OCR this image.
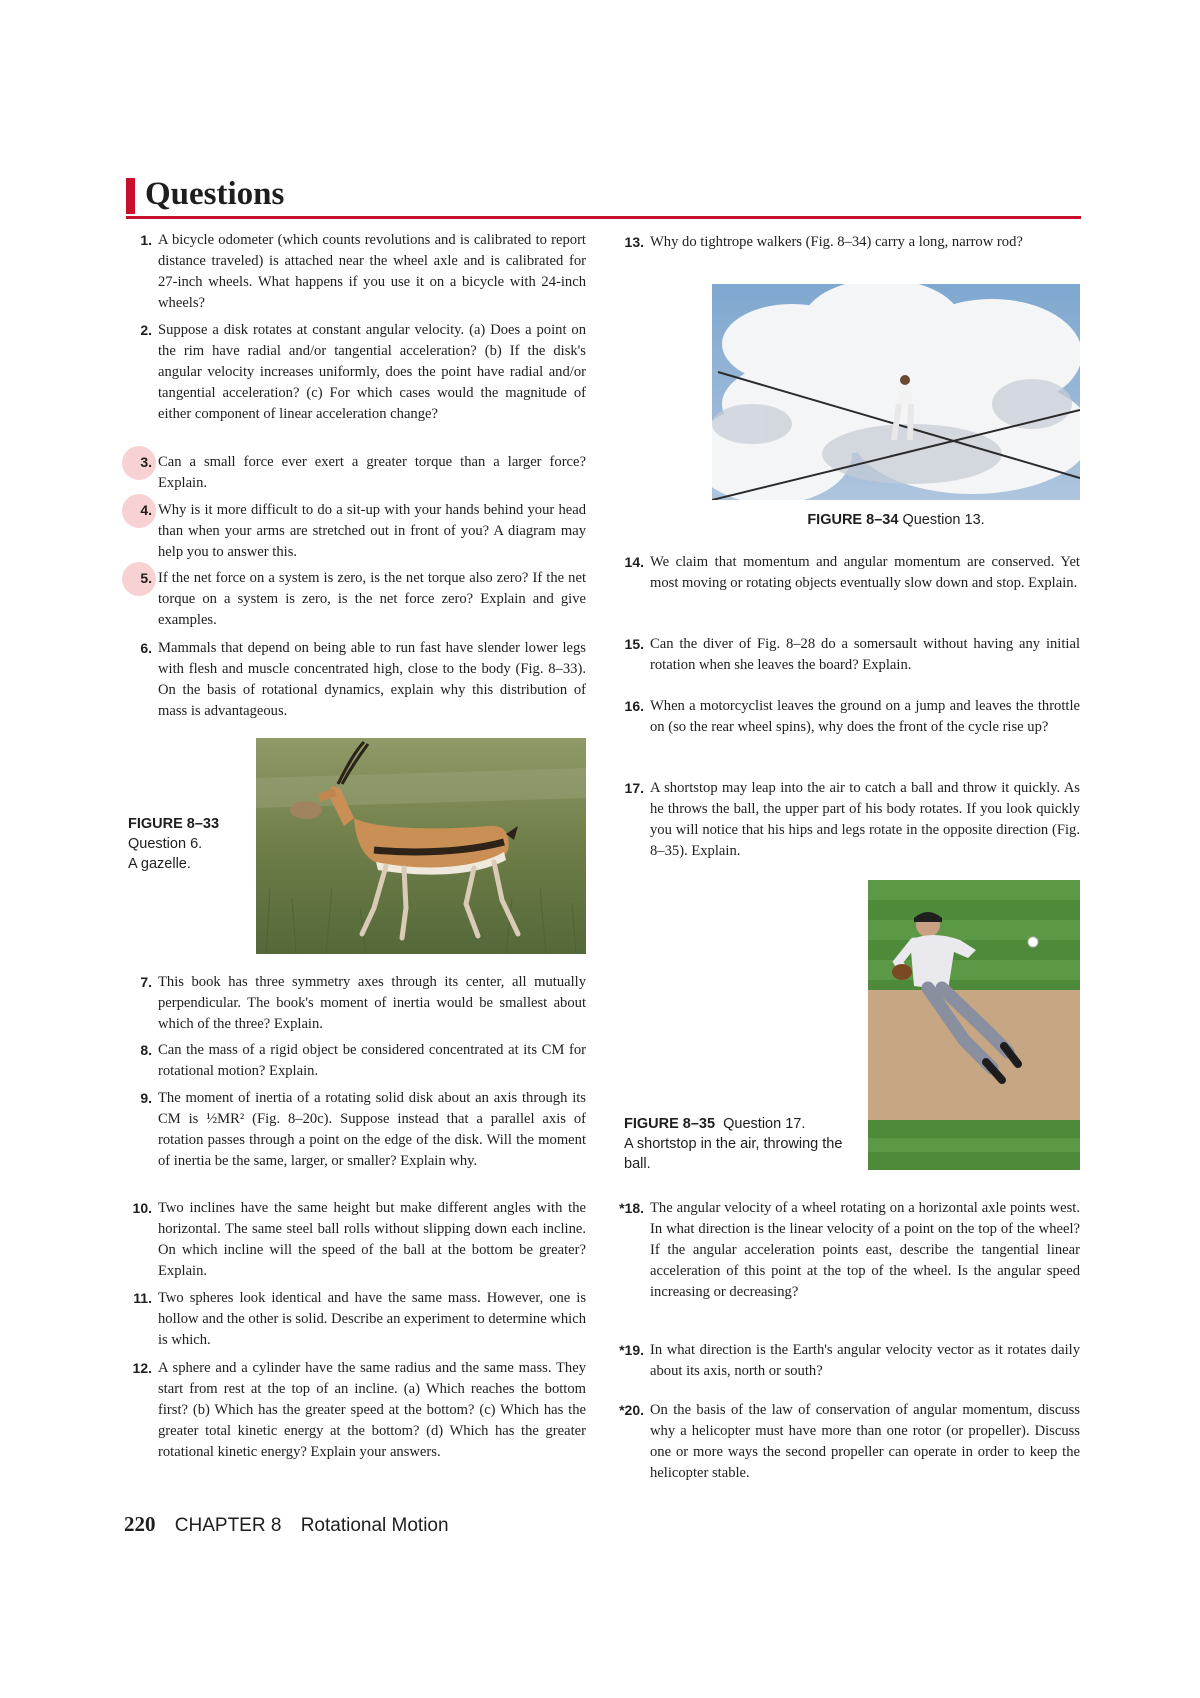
Questions
1. A bicycle odometer (which counts revolutions and is calibrated to report distance traveled) is attached near the wheel axle and is calibrated for 27-inch wheels. What happens if you use it on a bicycle with 24-inch wheels?
2. Suppose a disk rotates at constant angular velocity. (a) Does a point on the rim have radial and/or tangential acceleration? (b) If the disk's angular velocity increases uniformly, does the point have radial and/or tangential acceleration? (c) For which cases would the magnitude of either component of linear acceleration change?
3. Can a small force ever exert a greater torque than a larger force? Explain.
4. Why is it more difficult to do a sit-up with your hands behind your head than when your arms are stretched out in front of you? A diagram may help you to answer this.
5. If the net force on a system is zero, is the net torque also zero? If the net torque on a system is zero, is the net force zero? Explain and give examples.
6. Mammals that depend on being able to run fast have slender lower legs with flesh and muscle concentrated high, close to the body (Fig. 8–33). On the basis of rotational dynamics, explain why this distribution of mass is advantageous.
FIGURE 8–33
Question 6.
A gazelle.
7. This book has three symmetry axes through its center, all mutually perpendicular. The book's moment of inertia would be smallest about which of the three? Explain.
8. Can the mass of a rigid object be considered concentrated at its CM for rotational motion? Explain.
9. The moment of inertia of a rotating solid disk about an axis through its CM is ½MR² (Fig. 8–20c). Suppose instead that a parallel axis of rotation passes through a point on the edge of the disk. Will the moment of inertia be the same, larger, or smaller? Explain why.
10. Two inclines have the same height but make different angles with the horizontal. The same steel ball rolls without slipping down each incline. On which incline will the speed of the ball at the bottom be greater? Explain.
11. Two spheres look identical and have the same mass. However, one is hollow and the other is solid. Describe an experiment to determine which is which.
12. A sphere and a cylinder have the same radius and the same mass. They start from rest at the top of an incline. (a) Which reaches the bottom first? (b) Which has the greater speed at the bottom? (c) Which has the greater total kinetic energy at the bottom? (d) Which has the greater rotational kinetic energy? Explain your answers.
13. Why do tightrope walkers (Fig. 8–34) carry a long, narrow rod?
FIGURE 8–34 Question 13.
14. We claim that momentum and angular momentum are conserved. Yet most moving or rotating objects eventually slow down and stop. Explain.
15. Can the diver of Fig. 8–28 do a somersault without having any initial rotation when she leaves the board? Explain.
16. When a motorcyclist leaves the ground on a jump and leaves the throttle on (so the rear wheel spins), why does the front of the cycle rise up?
17. A shortstop may leap into the air to catch a ball and throw it quickly. As he throws the ball, the upper part of his body rotates. If you look quickly you will notice that his hips and legs rotate in the opposite direction (Fig. 8–35). Explain.
FIGURE 8–35 Question 17.
A shortstop in the air, throwing the ball.
*18. The angular velocity of a wheel rotating on a horizontal axle points west. In what direction is the linear velocity of a point on the top of the wheel? If the angular acceleration points east, describe the tangential linear acceleration of this point at the top of the wheel. Is the angular speed increasing or decreasing?
*19. In what direction is the Earth's angular velocity vector as it rotates daily about its axis, north or south?
*20. On the basis of the law of conservation of angular momentum, discuss why a helicopter must have more than one rotor (or propeller). Discuss one or more ways the second propeller can operate in order to keep the helicopter stable.
220 CHAPTER 8 Rotational Motion
